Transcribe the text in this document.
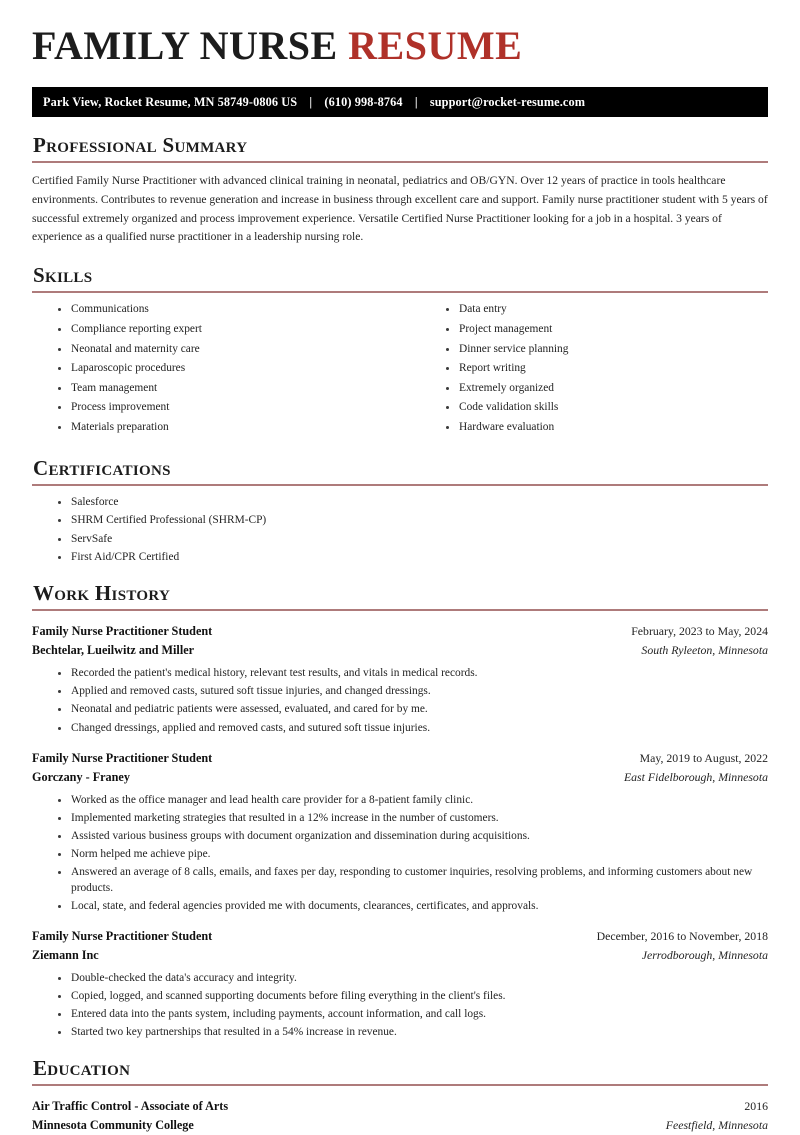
FAMILY NURSE RESUME
Park View, Rocket Resume, MN 58749-0806 US | (610) 998-8764 | support@rocket-resume.com
Professional Summary

Certified Family Nurse Practitioner with advanced clinical training in neonatal, pediatrics and OB/GYN. Over 12 years of practice in tools healthcare environments. Contributes to revenue generation and increase in business through excellent care and support. Family nurse practitioner student with 5 years of successful extremely organized and process improvement experience. Versatile Certified Nurse Practitioner looking for a job in a hospital. 3 years of experience as a qualified nurse practitioner in a leadership nursing role.

Skills
Communications
Compliance reporting expert
Neonatal and maternity care
Laparoscopic procedures
Team management
Process improvement
Materials preparation
Data entry
Project management
Dinner service planning
Report writing
Extremely organized
Code validation skills
Hardware evaluation
Certifications
Salesforce
SHRM Certified Professional (SHRM-CP)
ServSafe
First Aid/CPR Certified
Work History
Family Nurse Practitioner Student	February, 2023 to May, 2024
Bechtelar, Lueilwitz and Miller	South Ryleeton, Minnesota
Recorded the patient's medical history, relevant test results, and vitals in medical records.
Applied and removed casts, sutured soft tissue injuries, and changed dressings.
Neonatal and pediatric patients were assessed, evaluated, and cared for by me.
Changed dressings, applied and removed casts, and sutured soft tissue injuries.
Family Nurse Practitioner Student	May, 2019 to August, 2022
Gorczany - Franey	East Fidelborough, Minnesota
Worked as the office manager and lead health care provider for a 8-patient family clinic.
Implemented marketing strategies that resulted in a 12% increase in the number of customers.
Assisted various business groups with document organization and dissemination during acquisitions.
Norm helped me achieve pipe.
Answered an average of 8 calls, emails, and faxes per day, responding to customer inquiries, resolving problems, and informing customers about new products.
Local, state, and federal agencies provided me with documents, clearances, certificates, and approvals.
Family Nurse Practitioner Student	December, 2016 to November, 2018
Ziemann Inc	Jerrodborough, Minnesota
Double-checked the data's accuracy and integrity.
Copied, logged, and scanned supporting documents before filing everything in the client's files.
Entered data into the pants system, including payments, account information, and call logs.
Started two key partnerships that resulted in a 54% increase in revenue.
Education
Air Traffic Control - Associate of Arts	2016
Minnesota Community College	Feestfield, Minnesota
